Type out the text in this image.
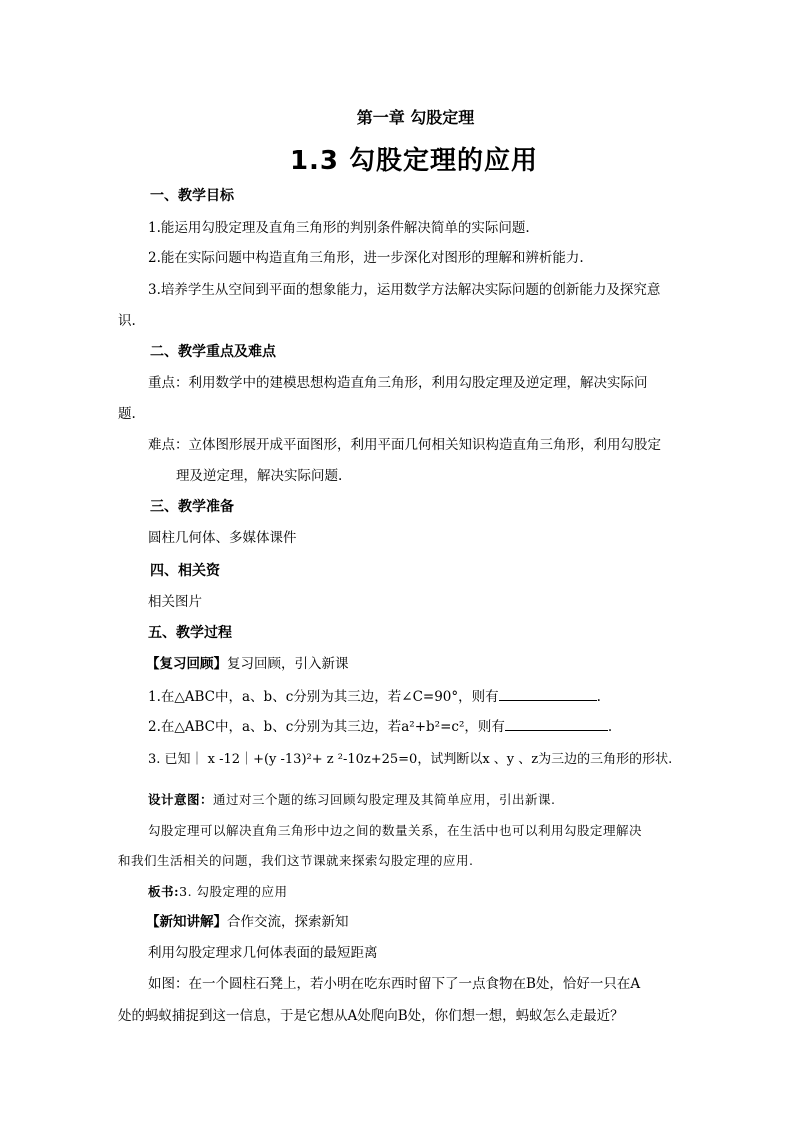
第一章 勾股定理
1.3 勾股定理的应用
一、教学目标
1.能运用勾股定理及直角三角形的判别条件解决简单的实际问题.
2.能在实际问题中构造直角三角形，进一步深化对图形的理解和辨析能力.
3.培养学生从空间到平面的想象能力，运用数学方法解决实际问题的创新能力及探究意
识.
二、教学重点及难点
重点：利用数学中的建模思想构造直角三角形，利用勾股定理及逆定理，解决实际问
题.
难点：立体图形展开成平面图形，利用平面几何相关知识构造直角三角形，利用勾股定
理及逆定理，解决实际问题.
三、教学准备
圆柱几何体、多媒体课件
四、相关资
相关图片
五、教学过程
【复习回顾】复习回顾，引入新课
1.在△ABC中，a、b、c分别为其三边，若∠C=90°，则有	.
2.在△ABC中，a、b、c分别为其三边，若a²+b²=c²，则有	.
3. 已知｜ x -12｜+(y -13)²+ z ²-10z+25=0，试判断以x 、y 、z为三边的三角形的形状.
设计意图：通过对三个题的练习回顾勾股定理及其简单应用，引出新课.
勾股定理可以解决直角三角形中边之间的数量关系，在生活中也可以利用勾股定理解决
和我们生活相关的问题，我们这节课就来探索勾股定理的应用.
板书:3. 勾股定理的应用
【新知讲解】合作交流，探索新知
利用勾股定理求几何体表面的最短距离
如图：在一个圆柱石凳上，若小明在吃东西时留下了一点食物在B处，恰好一只在A
处的蚂蚁捕捉到这一信息，于是它想从A处爬向B处，你们想一想，蚂蚁怎么走最近？
